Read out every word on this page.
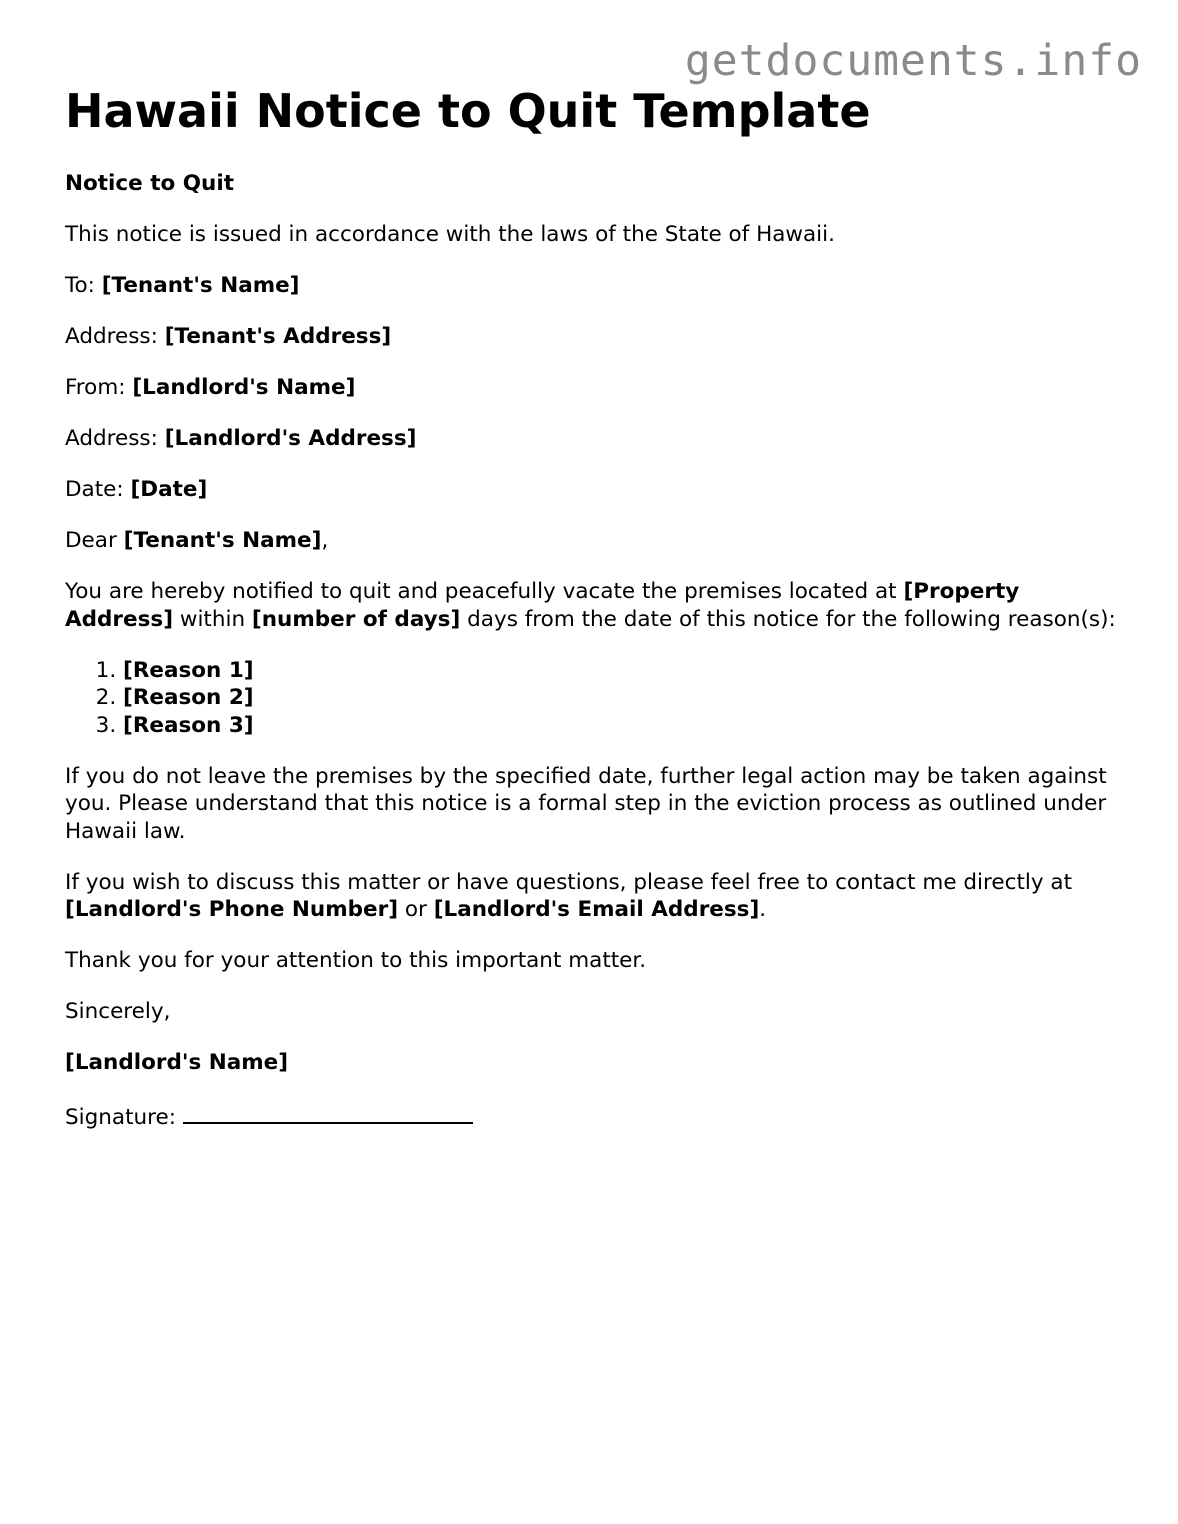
getdocuments.info
Hawaii Notice to Quit Template

Notice to Quit

This notice is issued in accordance with the laws of the State of Hawaii.

To: [Tenant's Name]

Address: [Tenant's Address]

From: [Landlord's Name]

Address: [Landlord's Address]

Date: [Date]

Dear [Tenant's Name],

You are hereby notified to quit and peacefully vacate the premises located at [Property Address] within [number of days] days from the date of this notice for the following reason(s):

1. [Reason 1]
2. [Reason 2]
3. [Reason 3]

If you do not leave the premises by the specified date, further legal action may be taken against you. Please understand that this notice is a formal step in the eviction process as outlined under Hawaii law.

If you wish to discuss this matter or have questions, please feel free to contact me directly at [Landlord's Phone Number] or [Landlord's Email Address].

Thank you for your attention to this important matter.

Sincerely,

[Landlord's Name]

Signature:
